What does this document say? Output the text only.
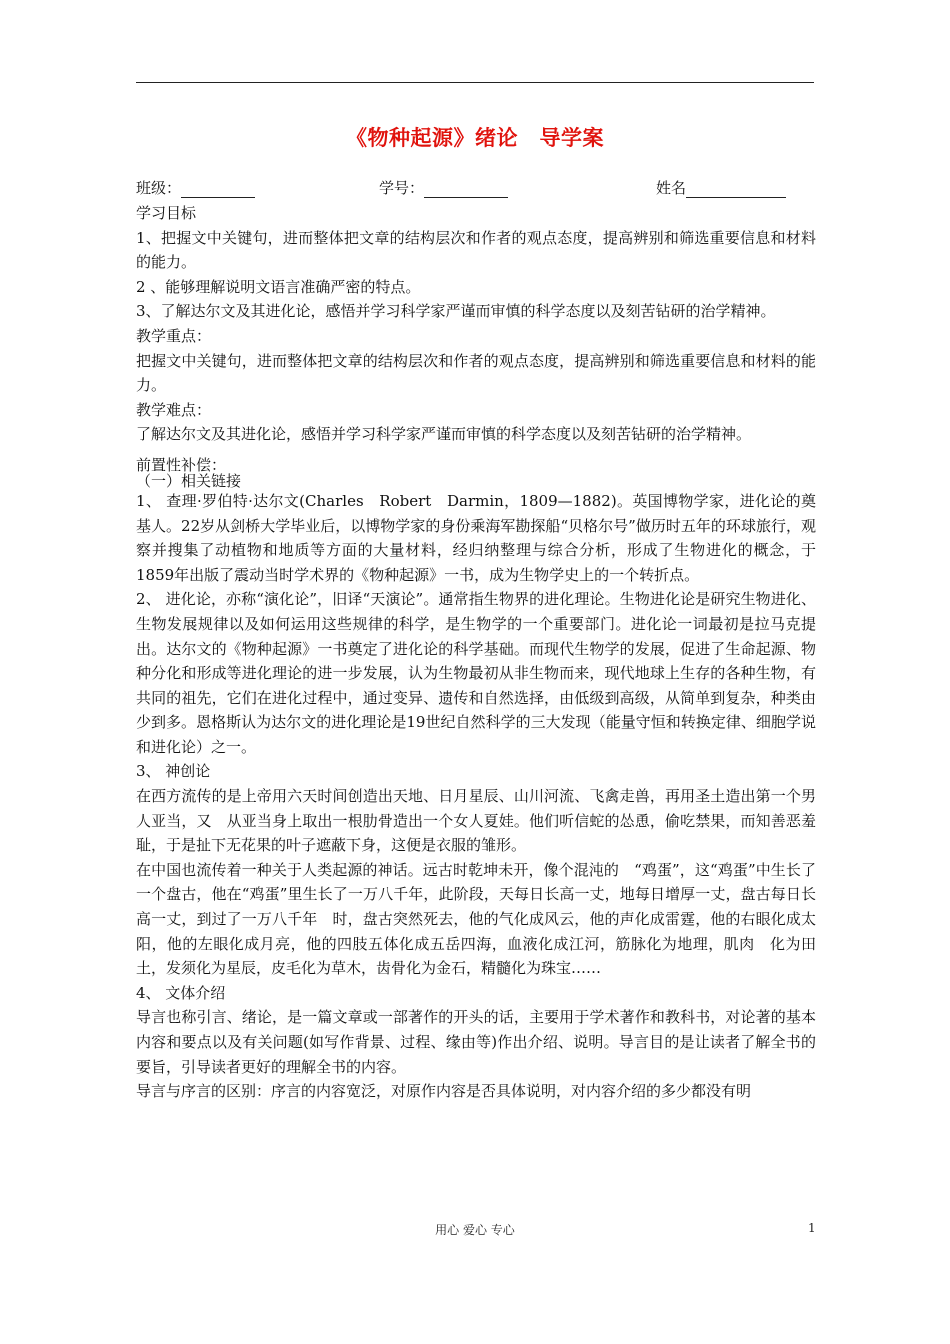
《物种起源》绪论　导学案
班级：	学号：	姓名

学习目标

1、把握文中关键句，进而整体把文章的结构层次和作者的观点态度，提高辨别和筛选重要信息和材料的能力。

2 、能够理解说明文语言准确严密的特点。

3、了解达尔文及其进化论，感悟并学习科学家严谨而审慎的科学态度以及刻苦钻研的治学精神。

教学重点：

把握文中关键句，进而整体把文章的结构层次和作者的观点态度，提高辨别和筛选重要信息和材料的能力。

教学难点：

了解达尔文及其进化论，感悟并学习科学家严谨而审慎的科学态度以及刻苦钻研的治学精神。

前置性补偿：

（一）相关链接

1、 查理·罗伯特·达尔文(Charles　Robert　Darmin，1809—1882)。英国博物学家，进化论的奠基人。22岁从剑桥大学毕业后，以博物学家的身份乘海军勘探船“贝格尔号”做历时五年的环球旅行，观察并搜集了动植物和地质等方面的大量材料，经归纳整理与综合分析，形成了生物进化的概念，于1859年出版了震动当时学术界的《物种起源》一书，成为生物学史上的一个转折点。

2、 进化论，亦称“演化论”，旧译“天演论”。通常指生物界的进化理论。生物进化论是研究生物进化、生物发展规律以及如何运用这些规律的科学，是生物学的一个重要部门。进化论一词最初是拉马克提出。达尔文的《物种起源》一书奠定了进化论的科学基础。而现代生物学的发展，促进了生命起源、物种分化和形成等进化理论的进一步发展，认为生物最初从非生物而来，现代地球上生存的各种生物，有共同的祖先，它们在进化过程中，通过变异、遗传和自然选择，由低级到高级，从简单到复杂，种类由少到多。恩格斯认为达尔文的进化理论是19世纪自然科学的三大发现（能量守恒和转换定律、细胞学说和进化论）之一。

3、 神创论

在西方流传的是上帝用六天时间创造出天地、日月星辰、山川河流、飞禽走兽，再用圣土造出第一个男人亚当，又　从亚当身上取出一根肋骨造出一个女人夏娃。他们听信蛇的怂恿，偷吃禁果，而知善恶羞耻，于是扯下无花果的叶子遮蔽下身，这便是衣服的雏形。

在中国也流传着一种关于人类起源的神话。远古时乾坤未开，像个混沌的　“鸡蛋”，这“鸡蛋”中生长了一个盘古，他在“鸡蛋”里生长了一万八千年，此阶段，天每日长高一丈，地每日增厚一丈，盘古每日长高一丈，到过了一万八千年　时，盘古突然死去，他的气化成风云，他的声化成雷霆，他的右眼化成太阳，他的左眼化成月亮，他的四肢五体化成五岳四海，血液化成江河，筋脉化为地理，肌肉　化为田土，发须化为星辰，皮毛化为草木，齿骨化为金石，精髓化为珠宝……

4、 文体介绍

导言也称引言、绪论，是一篇文章或一部著作的开头的话，主要用于学术著作和教科书，对论著的基本内容和要点以及有关问题(如写作背景、过程、缘由等)作出介绍、说明。导言目的是让读者了解全书的要旨，引导读者更好的理解全书的内容。

导言与序言的区别：序言的内容宽泛，对原作内容是否具体说明，对内容介绍的多少都没有明

用心 爱心 专心	1
